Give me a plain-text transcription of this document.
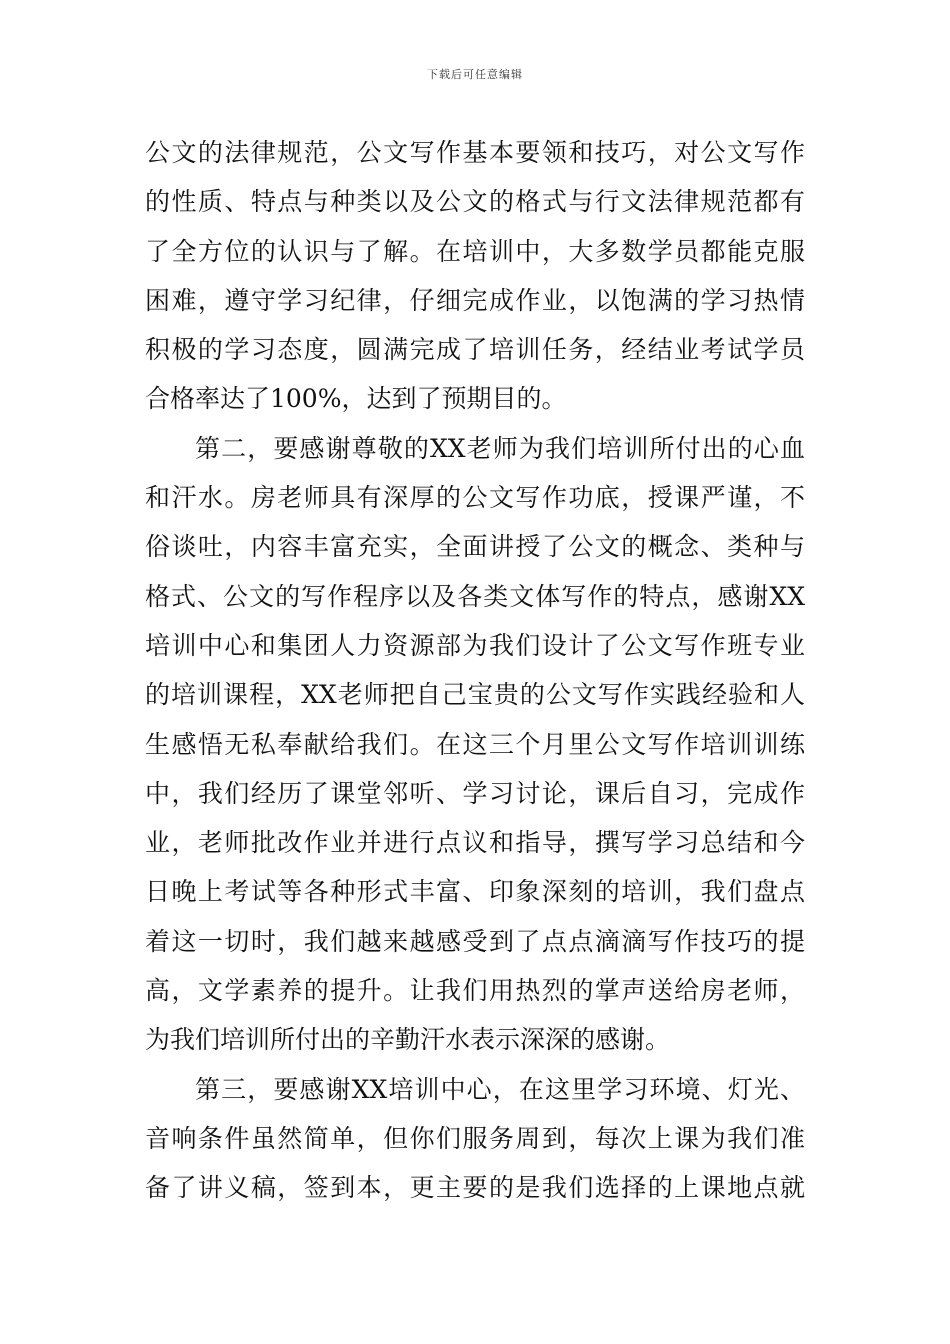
下载后可任意编辑
公文的法律规范，公文写作基本要领和技巧，对公文写作
的性质、特点与种类以及公文的格式与行文法律规范都有
了全方位的认识与了解。在培训中，大多数学员都能克服
困难，遵守学习纪律，仔细完成作业，以饱满的学习热情
积极的学习态度，圆满完成了培训任务，经结业考试学员
合格率达了100%，达到了预期目的。
第二，要感谢尊敬的XX老师为我们培训所付出的心血
和汗水。房老师具有深厚的公文写作功底，授课严谨，不
俗谈吐，内容丰富充实，全面讲授了公文的概念、类种与
格式、公文的写作程序以及各类文体写作的特点，感谢XX
培训中心和集团人力资源部为我们设计了公文写作班专业
的培训课程，XX老师把自己宝贵的公文写作实践经验和人
生感悟无私奉献给我们。在这三个月里公文写作培训训练
中，我们经历了课堂邻听、学习讨论，课后自习，完成作
业，老师批改作业并进行点议和指导，撰写学习总结和今
日晚上考试等各种形式丰富、印象深刻的培训，我们盘点
着这一切时，我们越来越感受到了点点滴滴写作技巧的提
高，文学素养的提升。让我们用热烈的掌声送给房老师，
为我们培训所付出的辛勤汗水表示深深的感谢。
第三，要感谢XX培训中心，在这里学习环境、灯光、
音响条件虽然简单，但你们服务周到，每次上课为我们准
备了讲义稿，签到本，更主要的是我们选择的上课地点就
